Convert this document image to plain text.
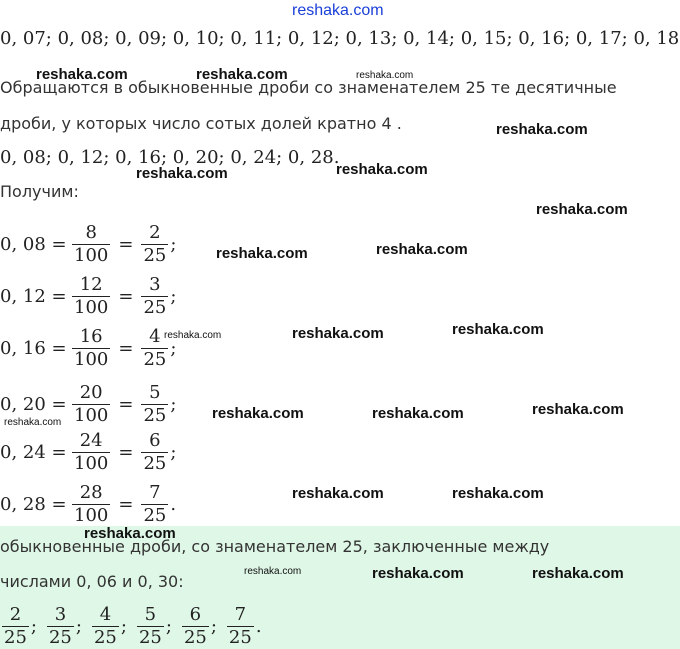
reshaka.com
0, 07; 0, 08; 0, 09; 0, 10; 0, 11; 0, 12; 0, 13; 0, 14; 0, 15; 0, 16; 0, 17; 0, 18
Обращаются в обыкновенные дроби со знаменателем 25 те десятичные
дроби, у которых число сотых долей кратно 4 .
0, 08; 0, 12; 0, 16; 0, 20; 0, 24; 0, 28.
Получим:
0, $08 = \frac{8}{100} = \frac{2}{25}$ ;
0, $12 = \frac{12}{100} = \frac{3}{25}$ ;
0, $16 = \frac{16}{100} = \frac{4}{25}$ ;
0, $20 = \frac{20}{100} = \frac{5}{25}$ ;
0, $24 = \frac{24}{100} = \frac{6}{25}$ ;
0, $28 = \frac{28}{100} = \frac{7}{25}$ .
обыкновенные дроби, со знаменателем 25, заключенные между
числами 0, 06 и 0, 30:
$\frac{2}{25}$ ; $\frac{3}{25}$ ; $\frac{4}{25}$ ; $\frac{5}{25}$ ; $\frac{6}{25}$ ; $\frac{7}{25}$ .
reshaka.com	reshaka.com	reshaka.com
reshaka.com
reshaka.com	reshaka.com
reshaka.com
reshaka.com	reshaka.com
reshaka.com	reshaka.com	reshaka.com
reshaka.com
reshaka.com	reshaka.com	reshaka.com
reshaka.com	reshaka.com
reshaka.com
reshaka.com	reshaka.com	reshaka.com
